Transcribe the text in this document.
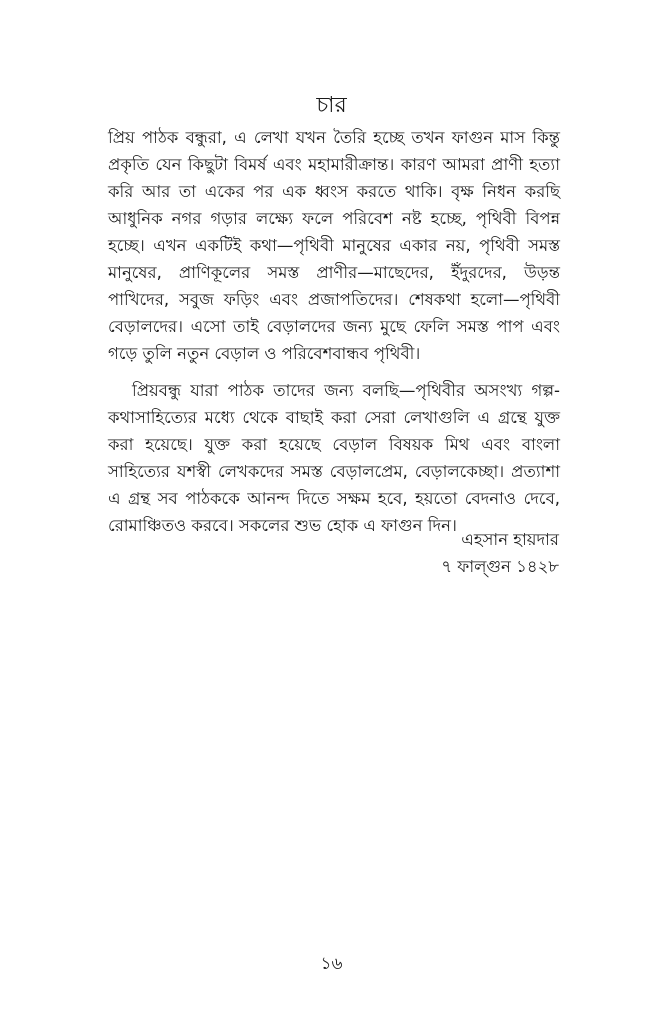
চার

প্রিয় পাঠক বন্ধুরা, এ লেখা যখন তৈরি হচ্ছে তখন ফাগুন মাস কিন্তু প্রকৃতি যেন কিছুটা বিমর্ষ এবং মহামারীক্রান্ত। কারণ আমরা প্রাণী হত্যা করি আর তা একের পর এক ধ্বংস করতে থাকি। বৃক্ষ নিধন করছি আধুনিক নগর গড়ার লক্ষ্যে ফলে পরিবেশ নষ্ট হচ্ছে, পৃথিবী বিপন্ন হচ্ছে। এখন একটিই কথা—পৃথিবী মানুষের একার নয়, পৃথিবী সমস্ত মানুষের, প্রাণিকূলের সমস্ত প্রাণীর—মাছেদের, ইঁদুরদের, উড়ন্ত পাখিদের, সবুজ ফড়িং এবং প্রজাপতিদের। শেষকথা হলো—পৃথিবী বেড়ালদের। এসো তাই বেড়ালদের জন্য মুছে ফেলি সমস্ত পাপ এবং গড়ে তুলি নতুন বেড়াল ও পরিবেশবান্ধব পৃথিবী।

প্রিয়বন্ধু যারা পাঠক তাদের জন্য বলছি—পৃথিবীর অসংখ্য গল্প-কথাসাহিত্যের মধ্যে থেকে বাছাই করা সেরা লেখাগুলি এ গ্রন্থে যুক্ত করা হয়েছে। যুক্ত করা হয়েছে বেড়াল বিষয়ক মিথ এবং বাংলা সাহিত্যের যশস্বী লেখকদের সমস্ত বেড়ালপ্রেম, বেড়ালকেচ্ছা। প্রত্যাশা এ গ্রন্থ সব পাঠককে আনন্দ দিতে সক্ষম হবে, হয়তো বেদনাও দেবে, রোমাঞ্চিতও করবে। সকলের শুভ হোক এ ফাগুন দিন।

এহসান হায়দার
৭ ফাল্গুন ১৪২৮
১৬
